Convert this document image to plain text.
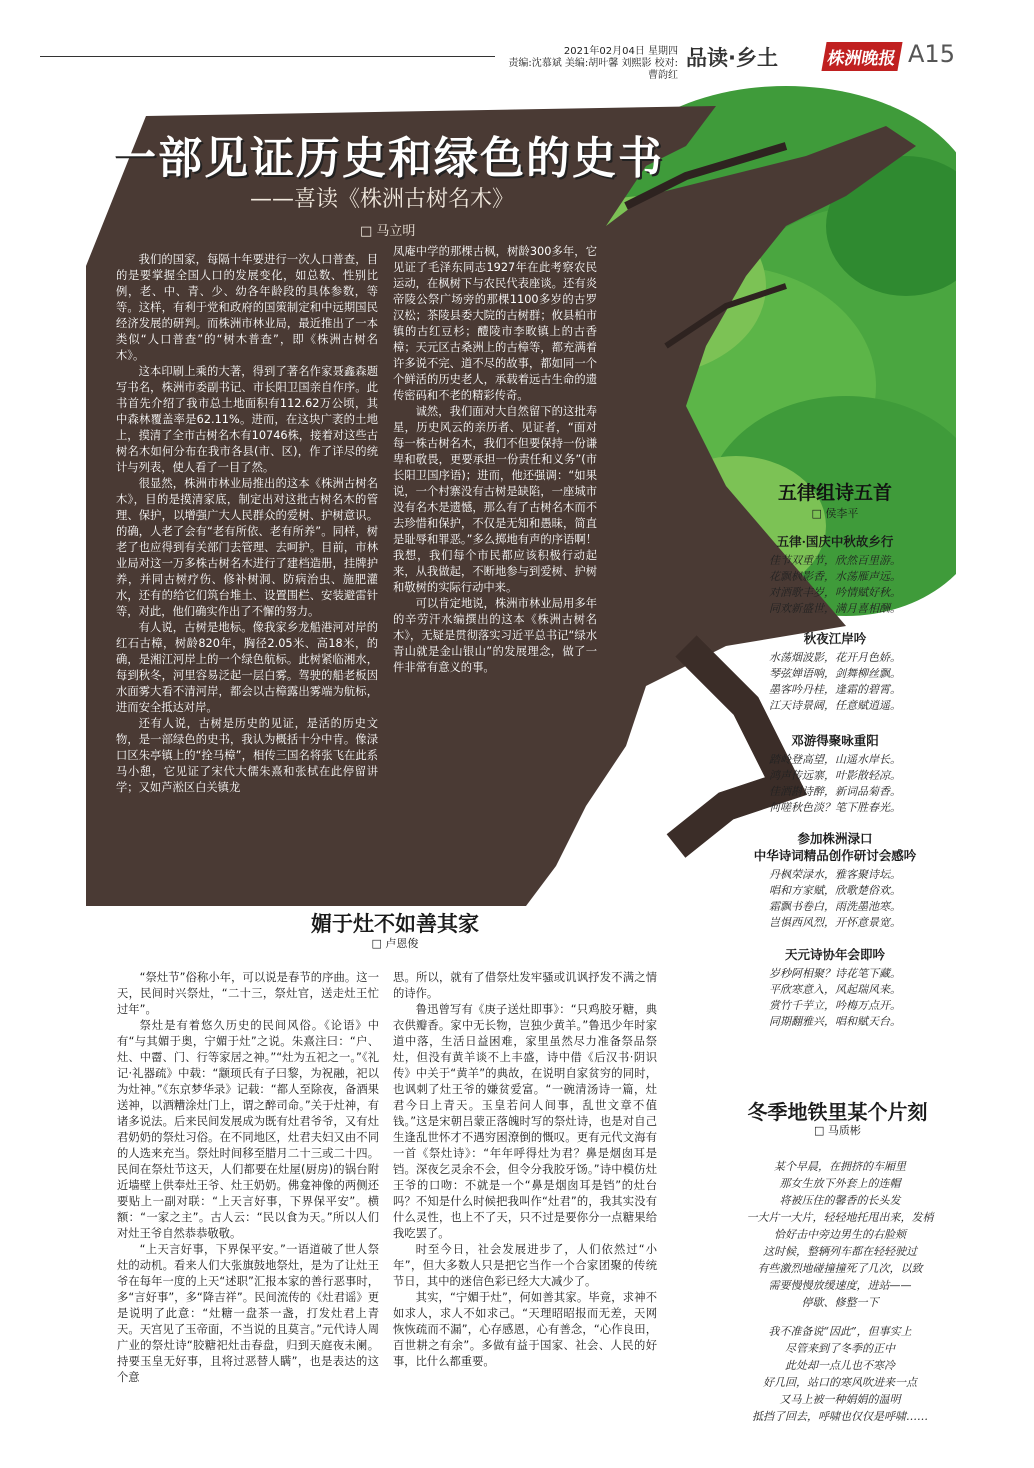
2021年02月04日 星期四
责编:沈慕斌 美编:胡叶馨 刘熙影 校对:曹韵红
品读·乡土	株洲晚报 A15
一部见证历史和绿色的史书
——喜读《株洲古树名木》
□ 马立明

我们的国家，每隔十年要进行一次人口普查，目的是要掌握全国人口的发展变化，如总数、性别比例，老、中、青、少、幼各年龄段的具体参数，等等。这样，有利于党和政府的国策制定和中远期国民经济发展的研判。而株洲市林业局，最近推出了一本类似“人口普查”的“树木普查”，即《株洲古树名木》。

这本印刷上乘的大著，得到了著名作家聂鑫森题写书名，株洲市委副书记、市长阳卫国亲自作序。此书首先介绍了我市总土地面积有112.62万公顷，其中森林覆盖率是62.11%。进而，在这块广袤的土地上，摸清了全市古树名木有10746株，接着对这些古树名木如何分布在我市各县(市、区)，作了详尽的统计与列表，使人看了一目了然。

很显然，株洲市林业局推出的这本《株洲古树名木》，目的是摸清家底，制定出对这批古树名木的管理、保护，以增强广大人民群众的爱树、护树意识。的确，人老了会有“老有所依、老有所养”。同样，树老了也应得到有关部门去管理、去呵护。目前，市林业局对这一万多株古树名木进行了建档造册，挂牌护养，并同古树疗伤、修补树洞、防病治虫、施肥灌水，还有的给它们筑台堆土、设置围栏、安装避雷针等，对此，他们确实作出了不懈的努力。

有人说，古树是地标。像我家乡龙船港河对岸的红石古樟，树龄820年，胸径2.05米、高18米，的确，是湘江河岸上的一个绿色航标。此树紧临湘水，每到秋冬，河里容易泛起一层白雾。驾驶的船老板因水面雾大看不清河岸，都会以古樟露出雾端为航标，进而安全抵达对岸。

还有人说，古树是历史的见证，是活的历史文物，是一部绿色的史书，我认为概括十分中肯。像渌口区朱亭镇上的“拴马樟”，相传三国名将张飞在此系马小憩，它见证了宋代大儒朱熹和张栻在此停留讲学；又如芦淞区白关镇龙

凤庵中学的那棵古枫，树龄300多年，它见证了毛泽东同志1927年在此考察农民运动，在枫树下与农民代表座谈。还有炎帝陵公祭广场旁的那棵1100多岁的古罗汉松；茶陵县委大院的古树群；攸县柏市镇的古红豆杉；醴陵市李畋镇上的古香樟；天元区古桑洲上的古樟等，都充满着许多说不完、道不尽的故事，都如同一个个鲜活的历史老人，承载着远古生命的遗传密码和不老的精彩传奇。

诚然，我们面对大自然留下的这批寿星，历史风云的亲历者、见证者，“面对每一株古树名木，我们不但要保持一份谦卑和敬畏，更要承担一份责任和义务”(市长阳卫国序语)；进而，他还强调：“如果说，一个村寨没有古树是缺陷，一座城市没有名木是遗憾，那么有了古树名木而不去珍惜和保护，不仅是无知和愚昧，简直是耻辱和罪恶。”多么掷地有声的序语啊！我想，我们每个市民都应该积极行动起来，从我做起，不断地参与到爱树、护树和敬树的实际行动中来。

可以肯定地说，株洲市林业局用多年的辛劳汗水编撰出的这本《株洲古树名木》，无疑是贯彻落实习近平总书记“绿水青山就是金山银山”的发展理念，做了一件非常有意义的事。

五律组诗五首
□ 侯李平
五律·国庆中秋故乡行
佳节双重节，欣然百里游。
花飘枫影香，水荡雁声远。
对酒歌丰岁，吟情赋好秋。
同欢新盛世，满月喜相酬。
秋夜江岸吟
水荡烟波影，花开月色娇。
琴弦婵语响，剑舞柳丝飘。
墨客吟丹桂，逢霜的碧霄。
江天诗景阔，任意赋逍遥。
邓游得聚咏重阳
踏岭登高望，山遥水岸长。
鸿声传远寨，叶影散轻凉。
佳酒斟诗醉，新词品菊香。
何嗟秋色淡？笔下胜春光。
参加株洲渌口
中华诗词精品创作研讨会感吟
丹枫荣渌水，雅客聚诗坛。
唱和方家赋，欣歌楚俗欢。
霜飘书卷白，雨洗墨池寒。
岂惧西风烈，开怀意景宽。
天元诗协年会即吟
岁秒阿相聚？诗花笔下藏。
平欣寒意入，风起瑞风来。
赏竹千芋立，吟梅万点开。
同期翻雅兴，唱和赋天台。
媚于灶不如善其家
□ 卢恩俊

“祭灶节”俗称小年，可以说是春节的序曲。这一天，民间时兴祭灶，“二十三，祭灶官，送走灶王忙过年”。

祭灶是有着悠久历史的民间风俗。《论语》中有“与其媚于奥，宁媚于灶”之说。朱熹注曰：“户、灶、中霤、门、行等家居之神。”“灶为五祀之一。”《礼记·礼器疏》中载：“颛顼氏有子曰黎，为祝融，祀以为灶神。”《东京梦华录》记载：“都人至除夜，备酒果送神，以酒糟涂灶门上，谓之醉司命。”关于灶神，有诸多说法。后来民间发展成为既有灶君爷爷，又有灶君奶奶的祭灶习俗。在不同地区，灶君夫妇又由不同的人选来充当。祭灶时间移至腊月二十三或二十四。民间在祭灶节这天，人们都要在灶屋(厨房)的锅台附近墙壁上供奉灶王爷、灶王奶奶。佛龛神像的两侧还要贴上一副对联：“上天言好事，下界保平安”。横额：“一家之主”。古人云：“民以食为天。”所以人们对灶王爷自然恭恭敬敬。

“上天言好事，下界保平安。”一语道破了世人祭灶的动机。看来人们大张旗鼓地祭灶，是为了让灶王爷在每年一度的上天“述职”汇报本家的善行恶事时，多“言好事”，多“降吉祥”。民间流传的《灶君谣》更是说明了此意：“灶糖一盘茶一盏，打发灶君上青天。天宫见了玉帝面，不当说的且莫言。”元代诗人周广业的祭灶诗“胶糖祀灶击春盘，归到天庭夜未阑。持要玉皇无好事，且将过恶替人瞒”，也是表达的这个意

思。所以，就有了借祭灶发牢骚或讥讽抒发不满之情的诗作。

鲁迅曾写有《庚子送灶即事》：“只鸡胶牙糖，典衣供瓣香。家中无长物，岂独少黄羊。”鲁迅少年时家道中落，生活日益困难，家里虽然尽力准备祭品祭灶，但没有黄羊谈不上丰盛，诗中借《后汉书·阴识传》中关于“黄羊”的典故，在说明自家贫穷的同时，也讽刺了灶王爷的嫌贫爱富。“一碗清汤诗一篇，灶君今日上青天。玉皇若问人间事，乱世文章不值钱。”这是宋朝吕蒙正落魄时写的祭灶诗，也是对自己生逢乱世怀才不遇穷困潦倒的慨叹。更有元代文海有一首《祭灶诗》：“年年呼得灶为君？鼻是烟囱耳是铛。深夜乞灵余不会，但令分我胶牙饧。”诗中模仿灶王爷的口吻：不就是一个“鼻是烟囱耳是铛”的灶台吗？不知是什么时候把我叫作“灶君”的，我其实没有什么灵性，也上不了天，只不过是要你分一点糖果给我吃罢了。

时至今日，社会发展进步了，人们依然过“小年”，但大多数人只是把它当作一个合家团聚的传统节日，其中的迷信色彩已经大大减少了。

其实，“宁媚于灶”，何如善其家。毕竟，求神不如求人，求人不如求己。“天理昭昭报而无差，天网恢恢疏而不漏”，心存感恩，心有善念，“心作良田，百世耕之有余”。多做有益于国家、社会、人民的好事，比什么都重要。

冬季地铁里某个片刻
□ 马质彬
某个早晨，在拥挤的车厢里
那女生放下外套上的连帽
将被压住的馨香的长头发
一大片一大片，轻轻地托甩出来，发梢
恰好击中旁边男生的右脸颊
这时候，整辆列车都在轻轻驶过
有些激烈地碰撞撞死了几次，以致
需要慢慢放缓速度，进站——
停歇、修整一下
我不准备说“因此”，但事实上
尽管来到了冬季的正中
此处却一点儿也不寒冷
好几回，站口的寒风吹进来一点
又马上被一种娟娟的温明
抵挡了回去，呼啸也仅仅是呼啸……
